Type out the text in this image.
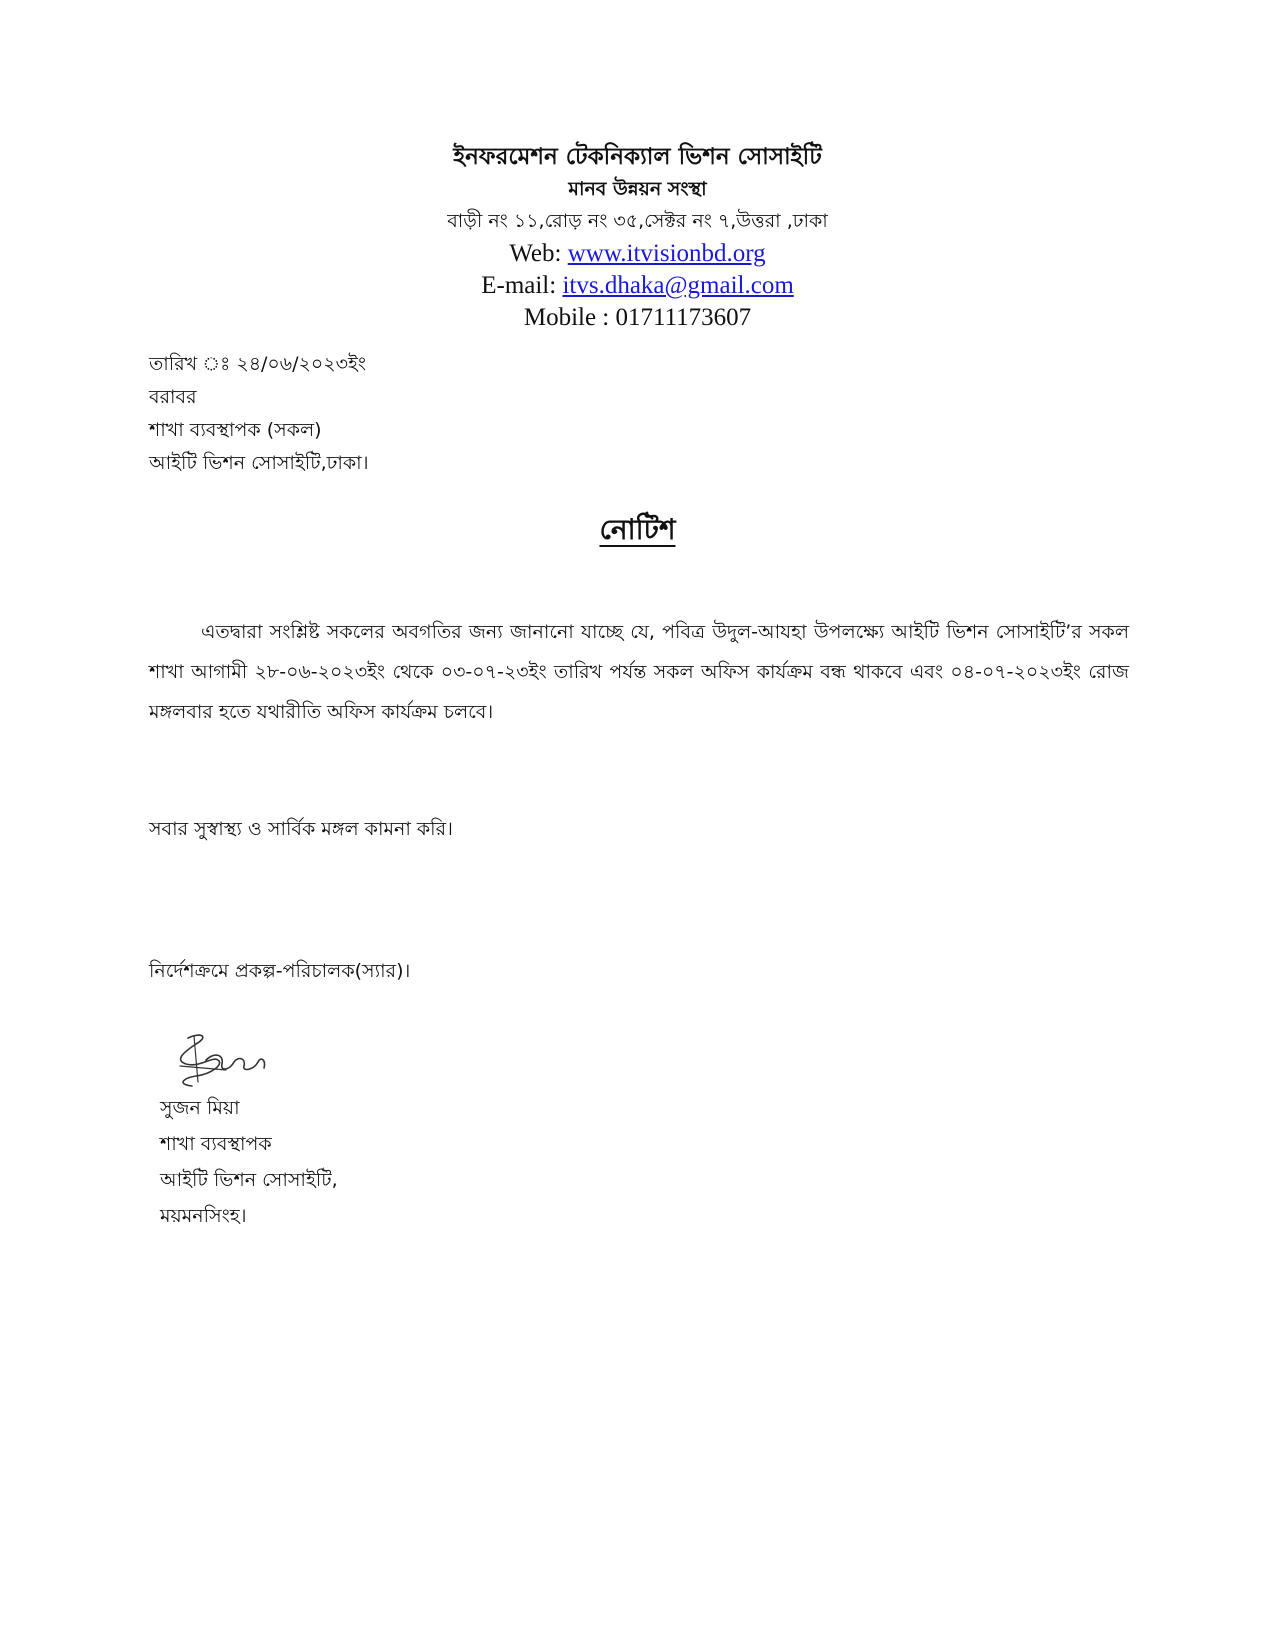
ইনফরমেশন টেকনিক্যাল ভিশন সোসাইটি
মানব উন্নয়ন সংস্থা
বাড়ী নং ১১,রোড় নং ৩৫,সেক্টর নং ৭,উত্তরা ,ঢাকা
Web: www.itvisionbd.org
E-mail: itvs.dhaka@gmail.com
Mobile : 01711173607
তারিখ ঃ ২৪/০৬/২০২৩ইং
বরাবর
শাখা ব্যবস্থাপক (সকল)
আইটি ভিশন সোসাইটি,ঢাকা।
নোটিশ

এতদ্বারা সংশ্লিষ্ট সকলের অবগতির জন্য জানানো যাচ্ছে যে, পবিত্র উদুল-আযহা উপলক্ষ্যে আইটি ভিশন সোসাইটি’র সকল শাখা আগামী ২৮-০৬-২০২৩ইং থেকে ০৩-০৭-২৩ইং তারিখ পর্যন্ত সকল অফিস কার্যক্রম বন্ধ থাকবে এবং ০৪-০৭-২০২৩ইং রোজ মঙ্গলবার হতে যথারীতি অফিস কার্যক্রম চলবে।

সবার সুস্বাস্থ্য ও সার্বিক মঙ্গল কামনা করি।
নির্দেশক্রমে প্রকল্প-পরিচালক(স্যার)।
সুজন মিয়া
শাখা ব্যবস্থাপক
আইটি ভিশন সোসাইটি,
ময়মনসিংহ।
